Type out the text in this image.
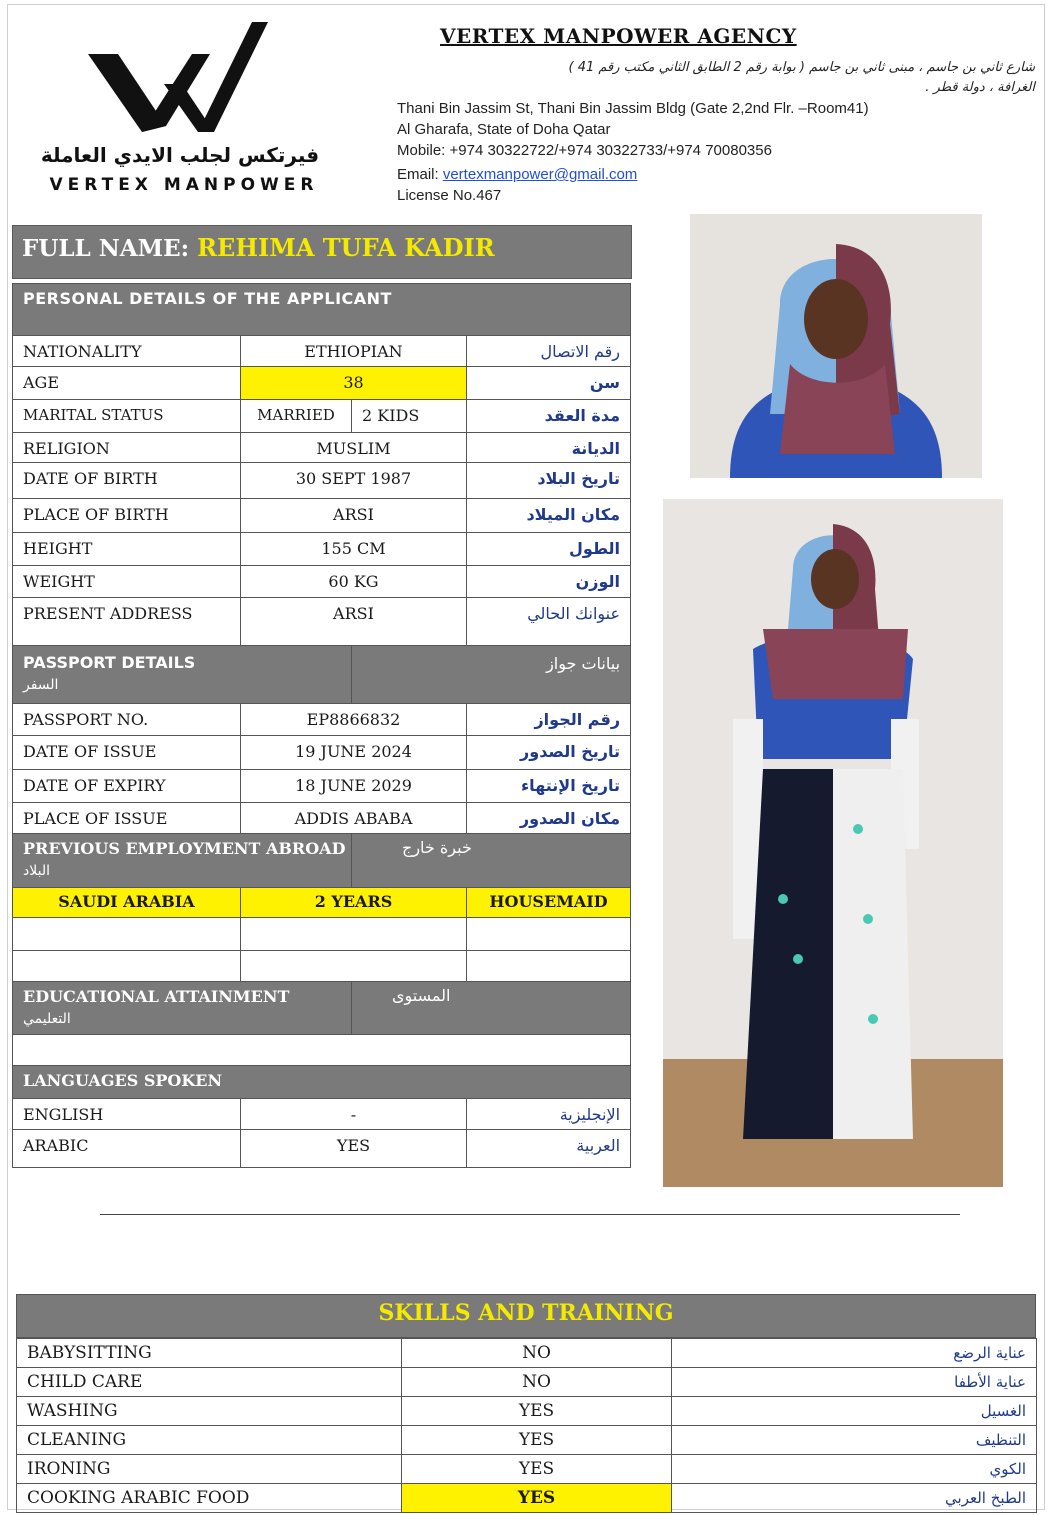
فيرتكس لجلب الايدي العاملة
VERTEX MANPOWER
VERTEX MANPOWER AGENCY
شارع ثاني بن جاسم ، مبنى ثاني بن جاسم ( بوابة رقم 2 الطابق الثاني مكتب رقم 41 )
الغرافة ، دولة قطر .
Thani Bin Jassim St, Thani Bin Jassim Bldg (Gate 2,2nd Flr. –Room41)
Al Gharafa, State of Doha Qatar
Mobile: +974 30322722/+974 30322733/+974 70080356
Email: vertexmanpower@gmail.com
License No.467
FULL NAME: REHIMA TUFA KADIR
PERSONAL DETAILS OF THE APPLICANT			
NATIONALITY	ETHIOPIAN		رقم الاتصال
AGE	38		سن
MARITAL STATUS	MARRIED	2 KIDS	مدة العقد
RELIGION	MUSLIM		الديانة
DATE OF BIRTH	30 SEPT 1987		تاريخ البلاد
PLACE OF BIRTH	ARSI		مكان الميلاد
HEIGHT	155 CM		الطول
WEIGHT	60 KG		الوزن
PRESENT ADDRESS	ARSI		عنوانك الحالي

PASSPORT DETAILS
السفر		بيانات جواز	
PASSPORT NO.	EP8866832		رقم الجواز
DATE OF ISSUE	19 JUNE 2024		تاريخ الصدور
DATE OF EXPIRY	18 JUNE 2029		تاريخ الإنتهاء
PLACE OF ISSUE	ADDIS ABABA		مكان الصدور

PREVIOUS EMPLOYMENT ABROAD
البلاد		خبرة خارج	
SAUDI ARABIA	2 YEARS		HOUSEMAID

EDUCATIONAL ATTAINMENT
التعليمي		المستوى	

LANGUAGES SPOKEN			
ENGLISH	-		الإنجليزية
ARABIC	YES		العربية
SKILLS AND TRAINING
BABYSITTING	NO	عناية الرضع
CHILD CARE	NO	عناية الأطفا
WASHING	YES	الغسيل
CLEANING	YES	التنظيف
IRONING	YES	الكوي
COOKING ARABIC FOOD	YES	الطبخ العربي
